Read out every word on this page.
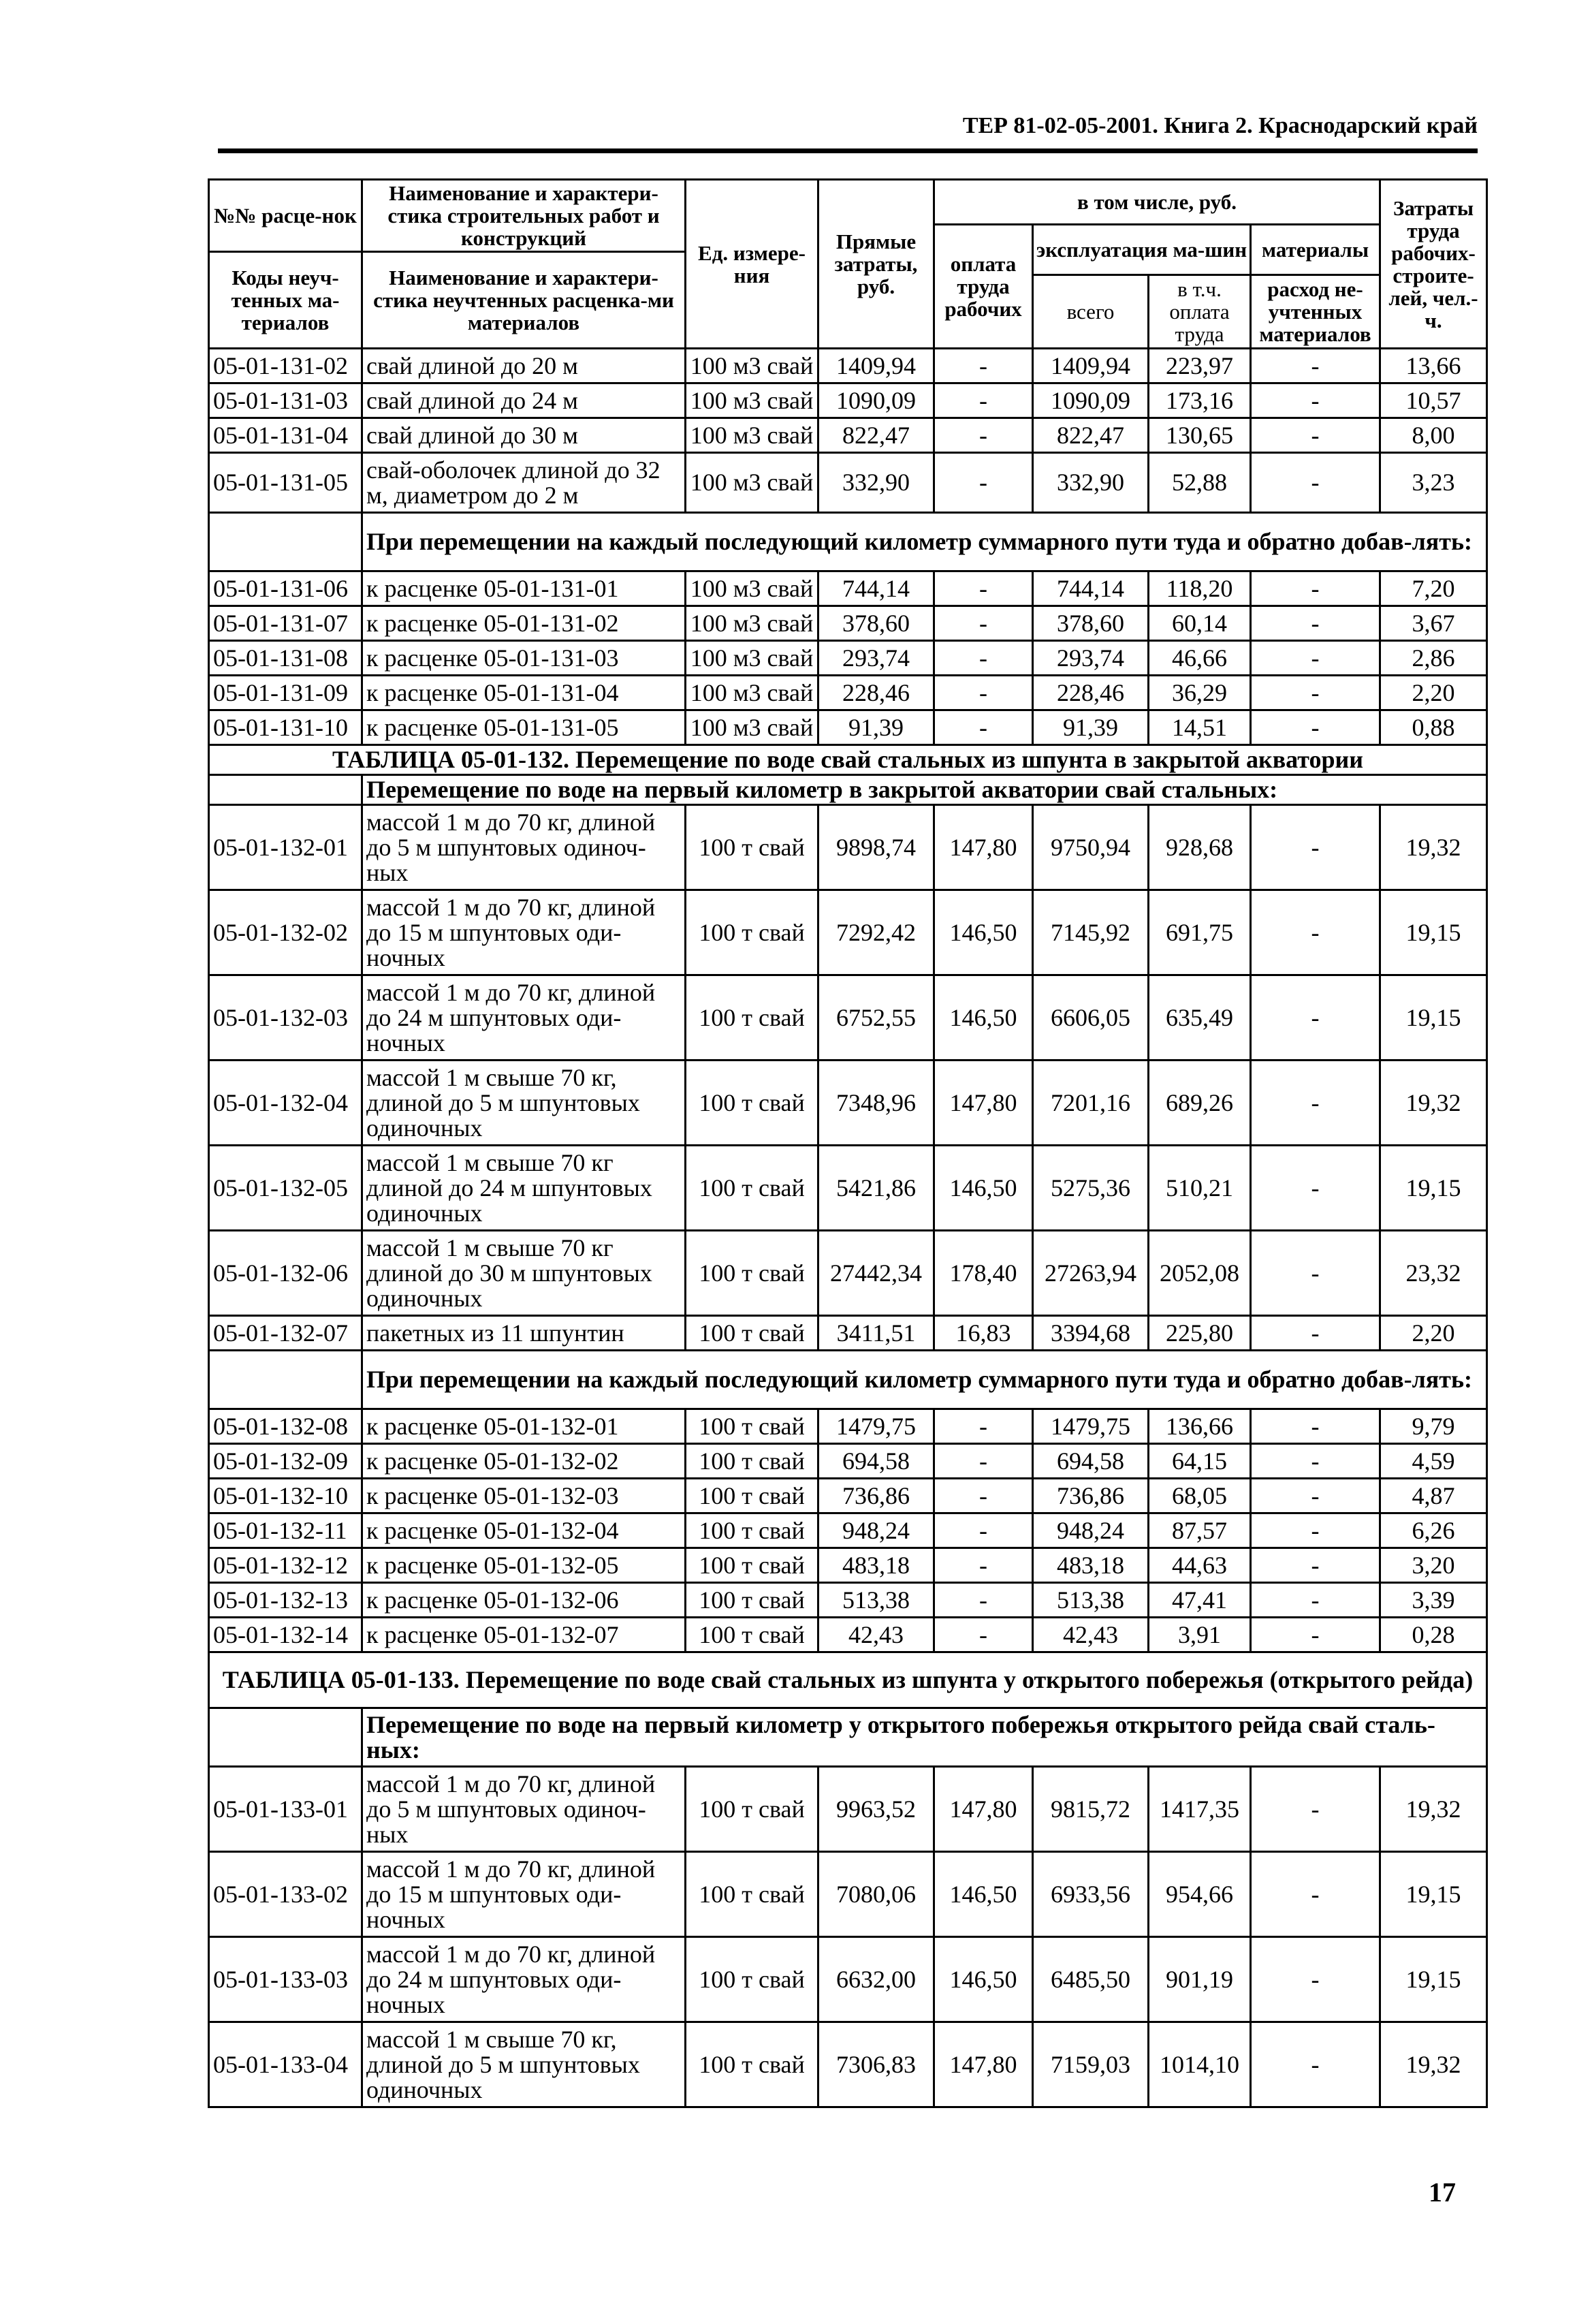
ТЕР 81-02-05-2001. Книга 2. Краснодарский край
№№ расце-нок	Наименование и характери-стика строительных работ и конструкций	Ед. измере-ния	Прямые затраты, руб.	в том числе, руб.				Затраты труда рабочих-строите-лей, чел.-ч.
				оплата труда рабочих	эксплуатация ма-шин		материалы	
Коды неуч-тенных ма-териалов	Наименование и характери-стика неучтенных расценка-ми материалов							
					всего	в т.ч. оплата труда	расход не-учтенных материалов	
05-01-131-02	свай длиной до 20 м	100 м3 свай	1409,94	-	1409,94	223,97	-	13,66
05-01-131-03	свай длиной до 24 м	100 м3 свай	1090,09	-	1090,09	173,16	-	10,57
05-01-131-04	свай длиной до 30 м	100 м3 свай	822,47	-	822,47	130,65	-	8,00
05-01-131-05	свай-оболочек длиной до 32 м, диаметром до 2 м	100 м3 свай	332,90	-	332,90	52,88	-	3,23
	При перемещении на каждый последующий километр суммарного пути туда и обратно добав-лять:							
05-01-131-06	к расценке 05-01-131-01	100 м3 свай	744,14	-	744,14	118,20	-	7,20
05-01-131-07	к расценке 05-01-131-02	100 м3 свай	378,60	-	378,60	60,14	-	3,67
05-01-131-08	к расценке 05-01-131-03	100 м3 свай	293,74	-	293,74	46,66	-	2,86
05-01-131-09	к расценке 05-01-131-04	100 м3 свай	228,46	-	228,46	36,29	-	2,20
05-01-131-10	к расценке 05-01-131-05	100 м3 свай	91,39	-	91,39	14,51	-	0,88
ТАБЛИЦА 05-01-132. Перемещение по воде свай стальных из шпунта в закрытой акватории								
	Перемещение по воде на первый километр в закрытой акватории свай стальных:							
05-01-132-01	массой 1 м до 70 кг, длиной до 5 м шпунтовых одиноч-ных	100 т свай	9898,74	147,80	9750,94	928,68	-	19,32
05-01-132-02	массой 1 м до 70 кг, длиной до 15 м шпунтовых оди-ночных	100 т свай	7292,42	146,50	7145,92	691,75	-	19,15
05-01-132-03	массой 1 м до 70 кг, длиной до 24 м шпунтовых оди-ночных	100 т свай	6752,55	146,50	6606,05	635,49	-	19,15
05-01-132-04	массой 1 м свыше 70 кг, длиной до 5 м шпунтовых одиночных	100 т свай	7348,96	147,80	7201,16	689,26	-	19,32
05-01-132-05	массой 1 м свыше 70 кг длиной до 24 м шпунтовых одиночных	100 т свай	5421,86	146,50	5275,36	510,21	-	19,15
05-01-132-06	массой 1 м свыше 70 кг длиной до 30 м шпунтовых одиночных	100 т свай	27442,34	178,40	27263,94	2052,08	-	23,32
05-01-132-07	пакетных из 11 шпунтин	100 т свай	3411,51	16,83	3394,68	225,80	-	2,20
	При перемещении на каждый последующий километр суммарного пути туда и обратно добав-лять:							
05-01-132-08	к расценке 05-01-132-01	100 т свай	1479,75	-	1479,75	136,66	-	9,79
05-01-132-09	к расценке 05-01-132-02	100 т свай	694,58	-	694,58	64,15	-	4,59
05-01-132-10	к расценке 05-01-132-03	100 т свай	736,86	-	736,86	68,05	-	4,87
05-01-132-11	к расценке 05-01-132-04	100 т свай	948,24	-	948,24	87,57	-	6,26
05-01-132-12	к расценке 05-01-132-05	100 т свай	483,18	-	483,18	44,63	-	3,20
05-01-132-13	к расценке 05-01-132-06	100 т свай	513,38	-	513,38	47,41	-	3,39
05-01-132-14	к расценке 05-01-132-07	100 т свай	42,43	-	42,43	3,91	-	0,28
ТАБЛИЦА 05-01-133. Перемещение по воде свай стальных из шпунта у открытого побережья (открытого рейда)								
	Перемещение по воде на первый километр у открытого побережья открытого рейда свай сталь-ных:							
05-01-133-01	массой 1 м до 70 кг, длиной до 5 м шпунтовых одиноч-ных	100 т свай	9963,52	147,80	9815,72	1417,35	-	19,32
05-01-133-02	массой 1 м до 70 кг, длиной до 15 м шпунтовых оди-ночных	100 т свай	7080,06	146,50	6933,56	954,66	-	19,15
05-01-133-03	массой 1 м до 70 кг, длиной до 24 м шпунтовых оди-ночных	100 т свай	6632,00	146,50	6485,50	901,19	-	19,15
05-01-133-04	массой 1 м свыше 70 кг, длиной до 5 м шпунтовых одиночных	100 т свай	7306,83	147,80	7159,03	1014,10	-	19,32
17
